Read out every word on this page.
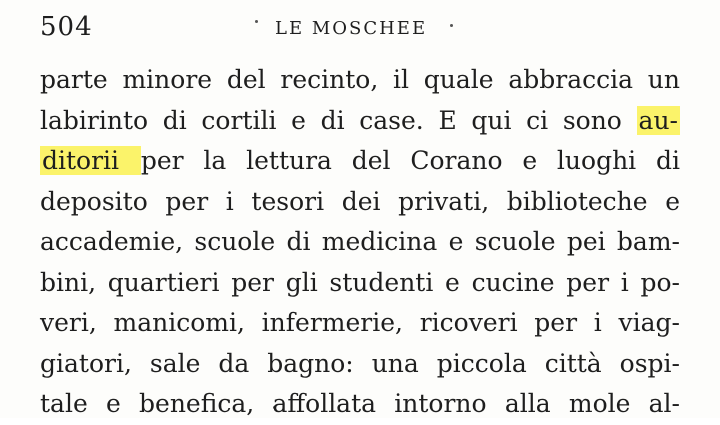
504	LE MOSCHEE
parte minore del recinto, il quale abbraccia un
labirinto di cortili e di case. E qui ci sono au-
ditorii per la lettura del Corano e luoghi di
deposito per i tesori dei privati, biblioteche e
accademie, scuole di medicina e scuole pei bam-
bini, quartieri per gli studenti e cucine per i po-
veri, manicomi, infermerie, ricoveri per i viag-
giatori, sale da bagno: una piccola città ospi-
tale e benefica, affollata intorno alla mole al-
